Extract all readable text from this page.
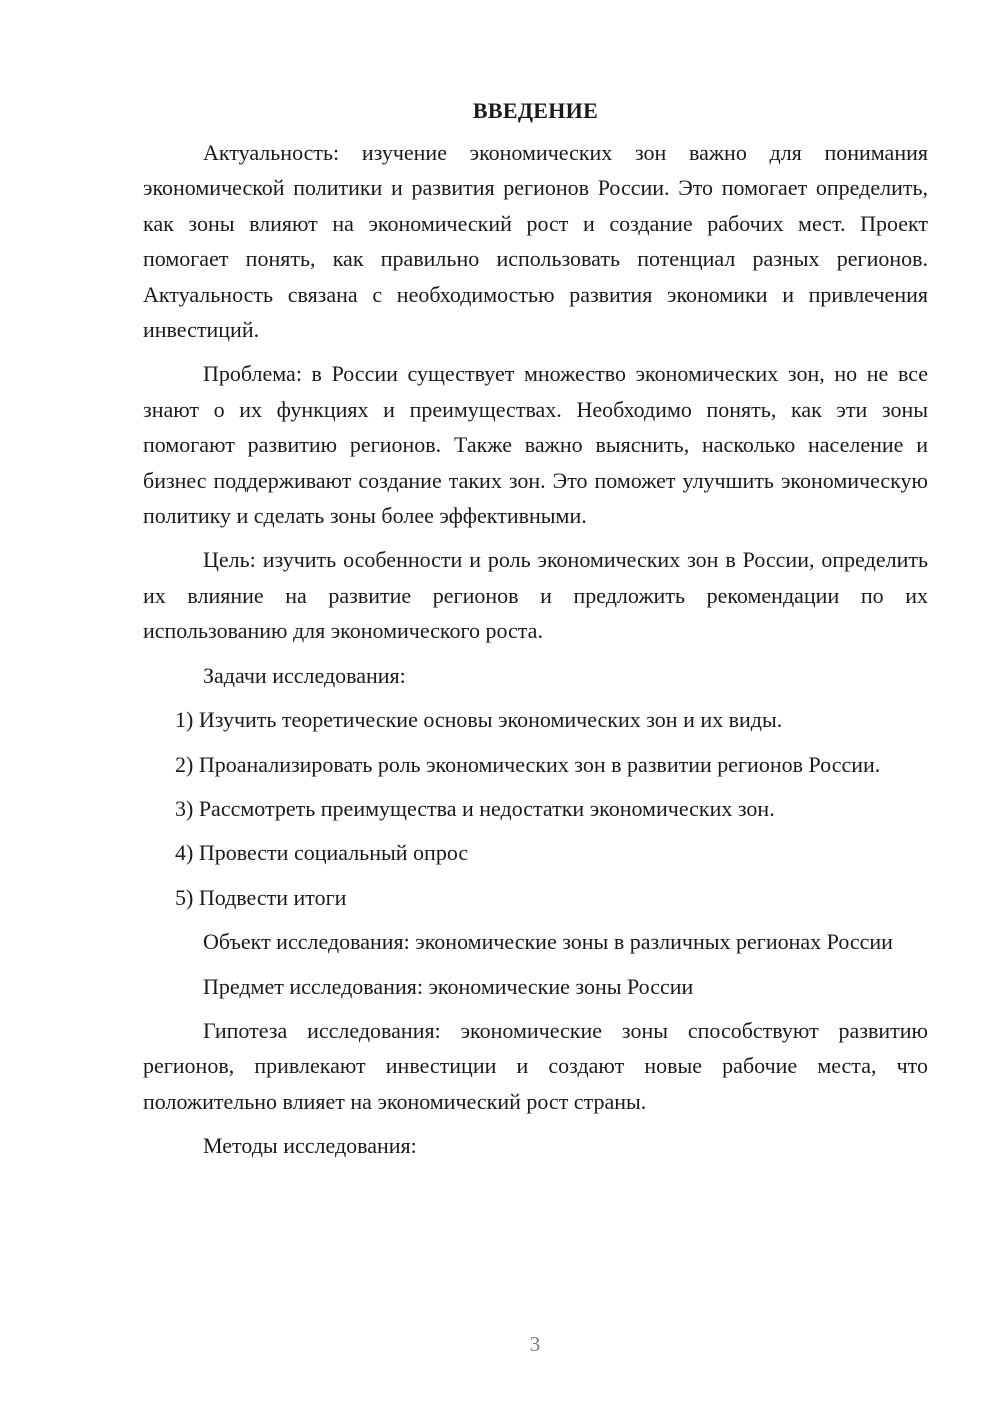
ВВЕДЕНИЕ

Актуальность: изучение экономических зон важно для понимания экономической политики и развития регионов России. Это помогает определить, как зоны влияют на экономический рост и создание рабочих мест. Проект помогает понять, как правильно использовать потенциал разных регионов. Актуальность связана с необходимостью развития экономики и привлечения инвестиций.

Проблема: в России существует множество экономических зон, но не все знают о их функциях и преимуществах. Необходимо понять, как эти зоны помогают развитию регионов. Также важно выяснить, насколько население и бизнес поддерживают создание таких зон. Это поможет улучшить экономическую политику и сделать зоны более эффективными.

Цель: изучить особенности и роль экономических зон в России, определить их влияние на развитие регионов и предложить рекомендации по их использованию для экономического роста.

Задачи исследования:

1) Изучить теоретические основы экономических зон и их виды.

2) Проанализировать роль экономических зон в развитии регионов России.

3) Рассмотреть преимущества и недостатки экономических зон.

4) Провести социальный опрос

5) Подвести итоги

Объект исследования: экономические зоны в различных регионах России

Предмет исследования: экономические зоны России

Гипотеза исследования: экономические зоны способствуют развитию регионов, привлекают инвестиции и создают новые рабочие места, что положительно влияет на экономический рост страны.

Методы исследования:

3
